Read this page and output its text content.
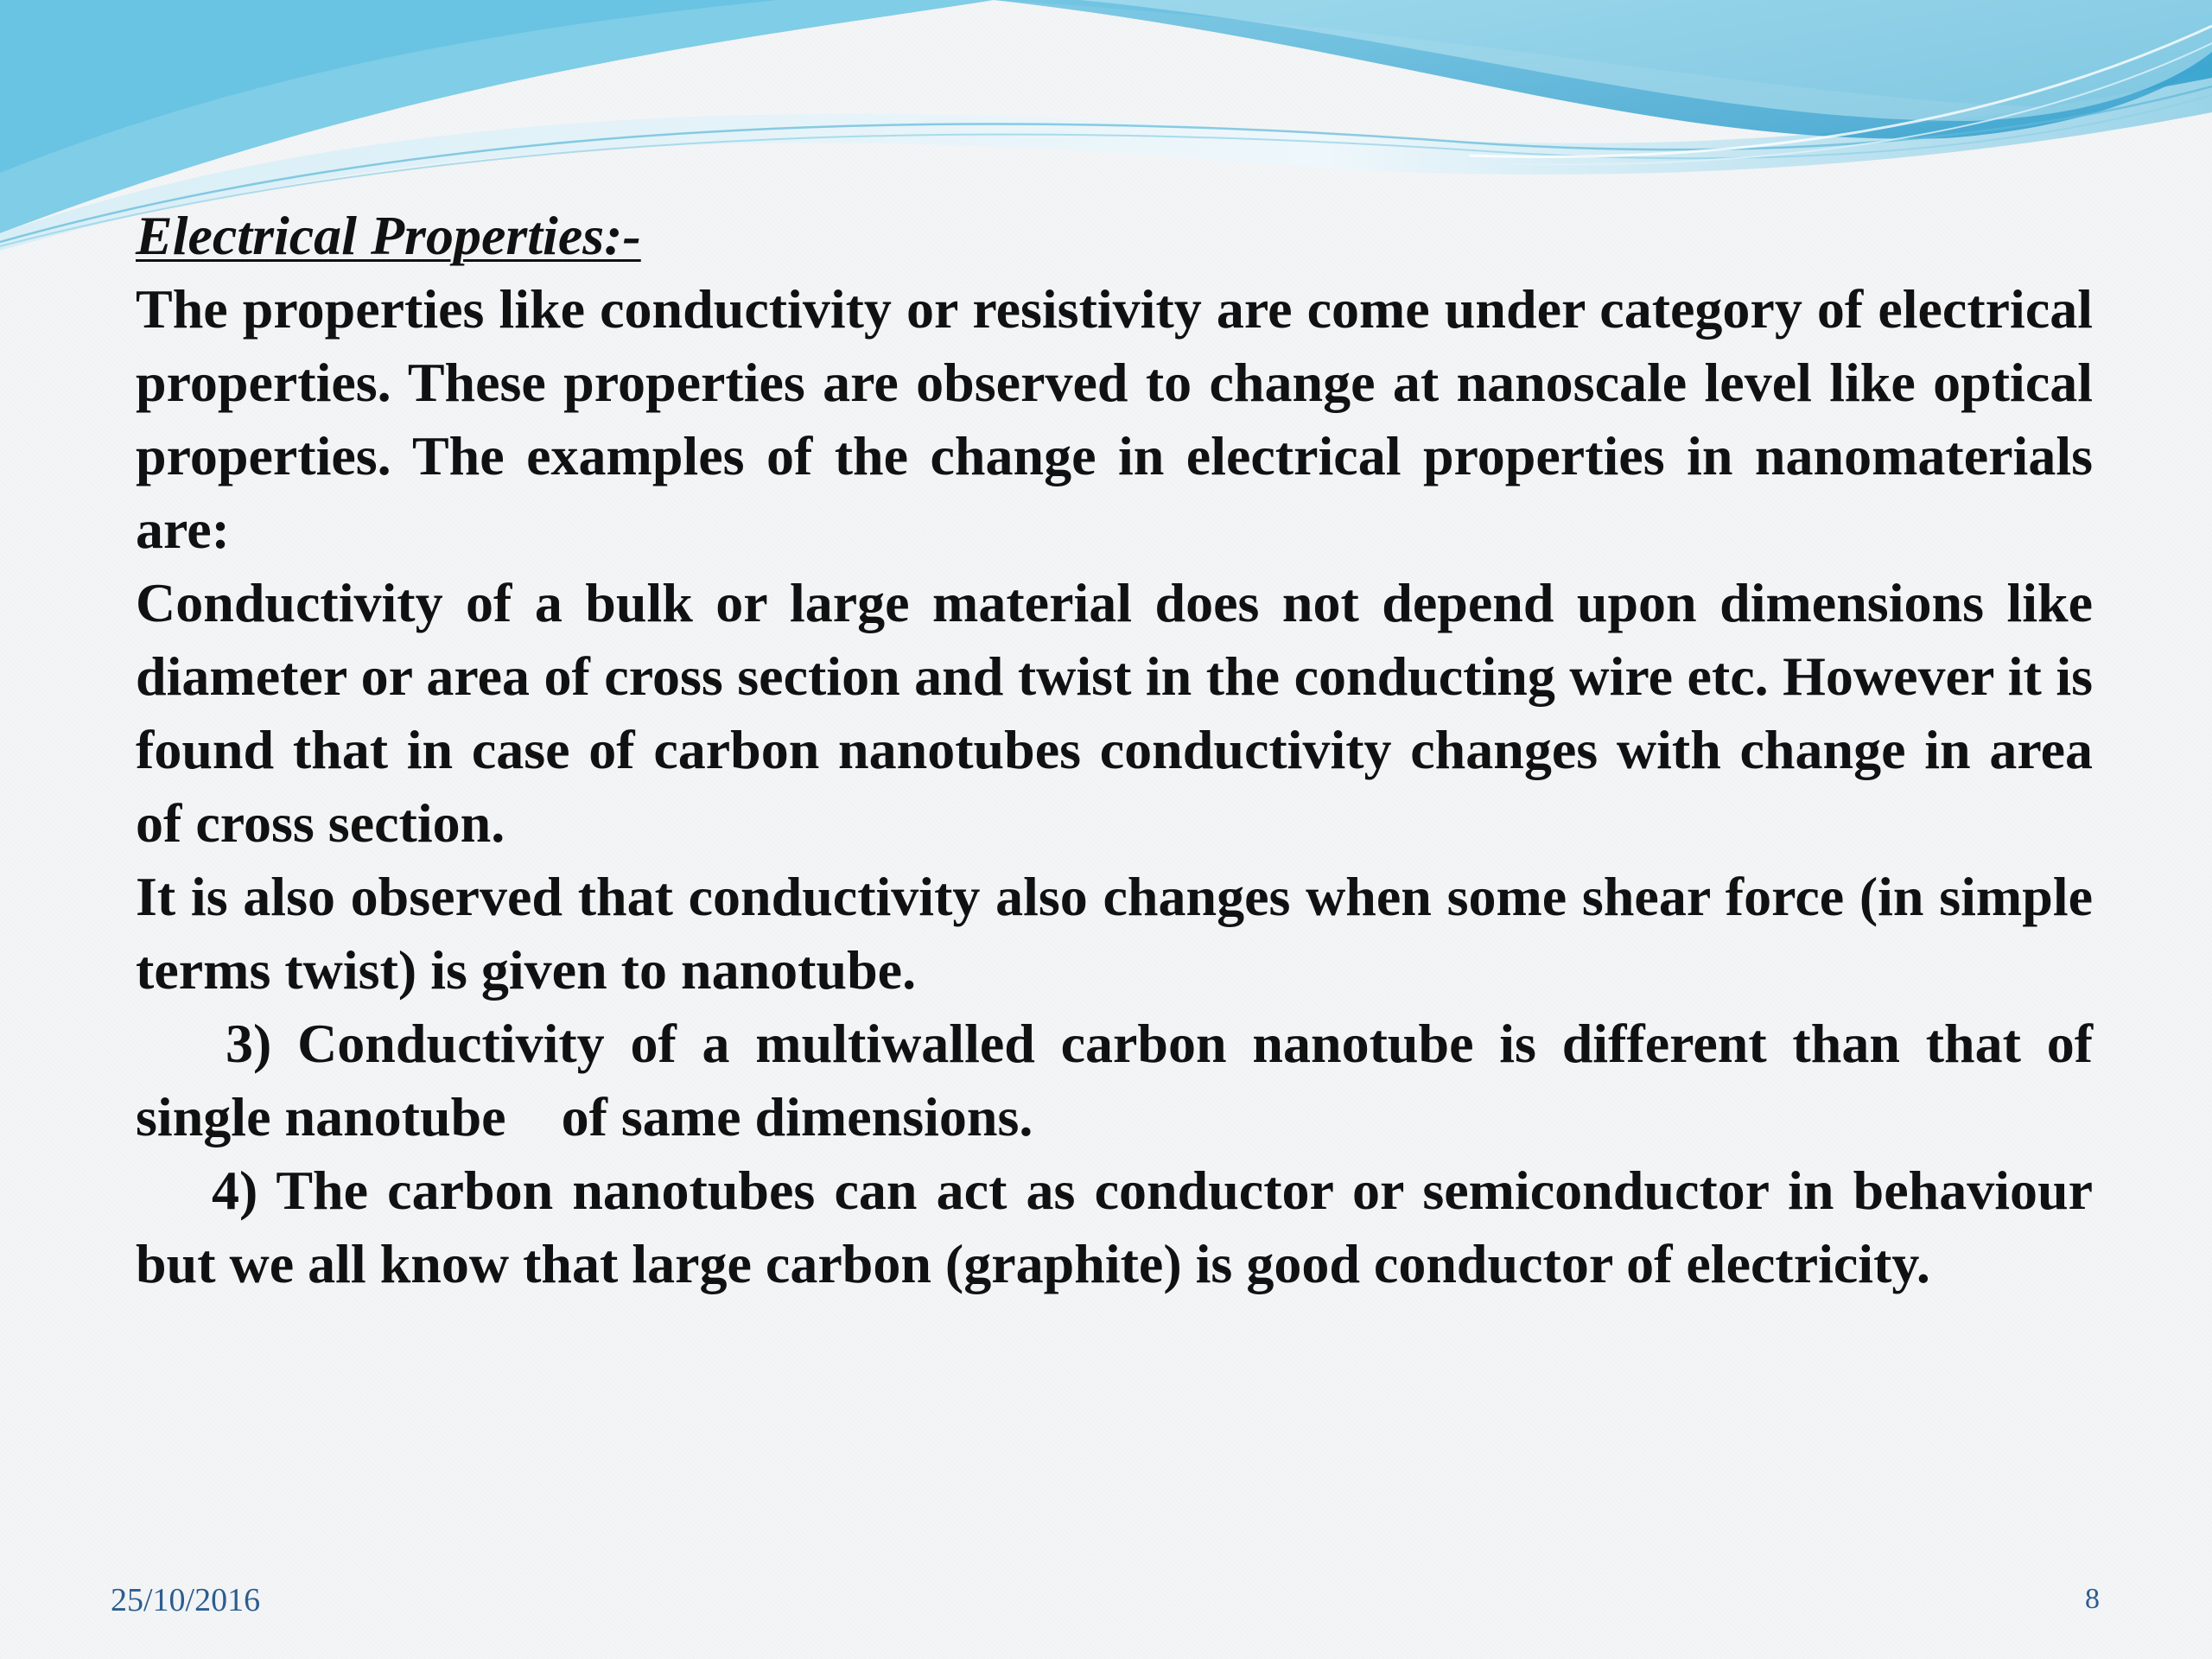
Electrical Properties:-

The properties like conductivity or resistivity are come under category of electrical properties. These properties are observed to change at nanoscale level like optical properties. The examples of the change in electrical properties in nanomaterials are:

Conductivity of a bulk or large material does not depend upon dimensions like diameter or area of cross section and twist in the conducting wire etc. However it is found that in case of carbon nanotubes conductivity changes with change in area of cross section.

It is also observed that conductivity also changes when some shear force (in simple terms twist) is given to nanotube.

3) Conductivity of a multiwalled carbon nanotube is different than that of single nanotube    of same dimensions.

4) The carbon nanotubes can act as conductor or semiconductor in behaviour but we all know that large carbon (graphite) is good conductor of electricity.

25/10/2016	8
